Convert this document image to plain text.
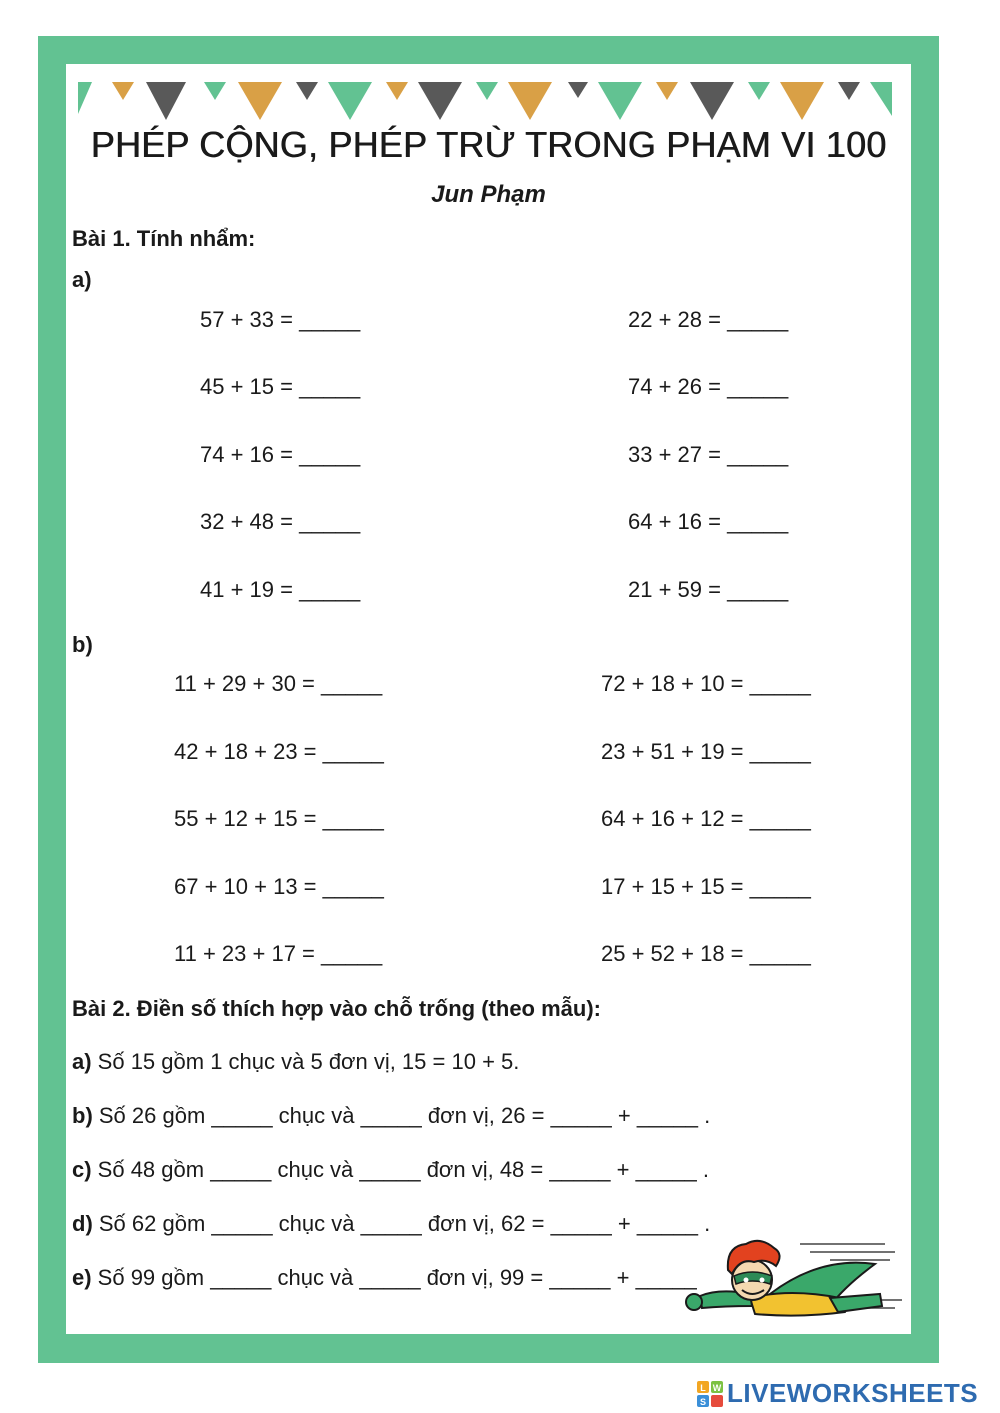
PHÉP CỘNG, PHÉP TRỪ TRONG PHẠM VI 100
Jun Phạm
Bài 1. Tính nhẩm:
a)
57 + 33 = _____	22 + 28 = _____
45 + 15 = _____	74 + 26 = _____
74 + 16 = _____	33 + 27 = _____
32 + 48 = _____	64 + 16 = _____
41 + 19 = _____	21 + 59 = _____
b)
11 + 29 + 30 = _____	72 + 18 + 10 = _____
42 + 18 + 23 = _____	23 + 51 + 19 = _____
55 + 12 + 15 = _____	64 + 16 + 12 = _____
67 + 10 + 13 = _____	17 + 15 + 15 = _____
11 + 23 + 17 = _____	25 + 52 + 18 = _____
Bài 2. Điền số thích hợp vào chỗ trống (theo mẫu):
a) Số 15 gồm 1 chục và 5 đơn vị, 15 = 10 + 5.
b) Số 26 gồm _____ chục và _____ đơn vị, 26 = _____ + _____ .
c) Số 48 gồm _____ chục và _____ đơn vị, 48 = _____ + _____ .
d) Số 62 gồm _____ chục và _____ đơn vị, 62 = _____ + _____ .
e) Số 99 gồm _____ chục và _____ đơn vị, 99 = _____ + _____
L W
S LIVEWORKSHEETS
